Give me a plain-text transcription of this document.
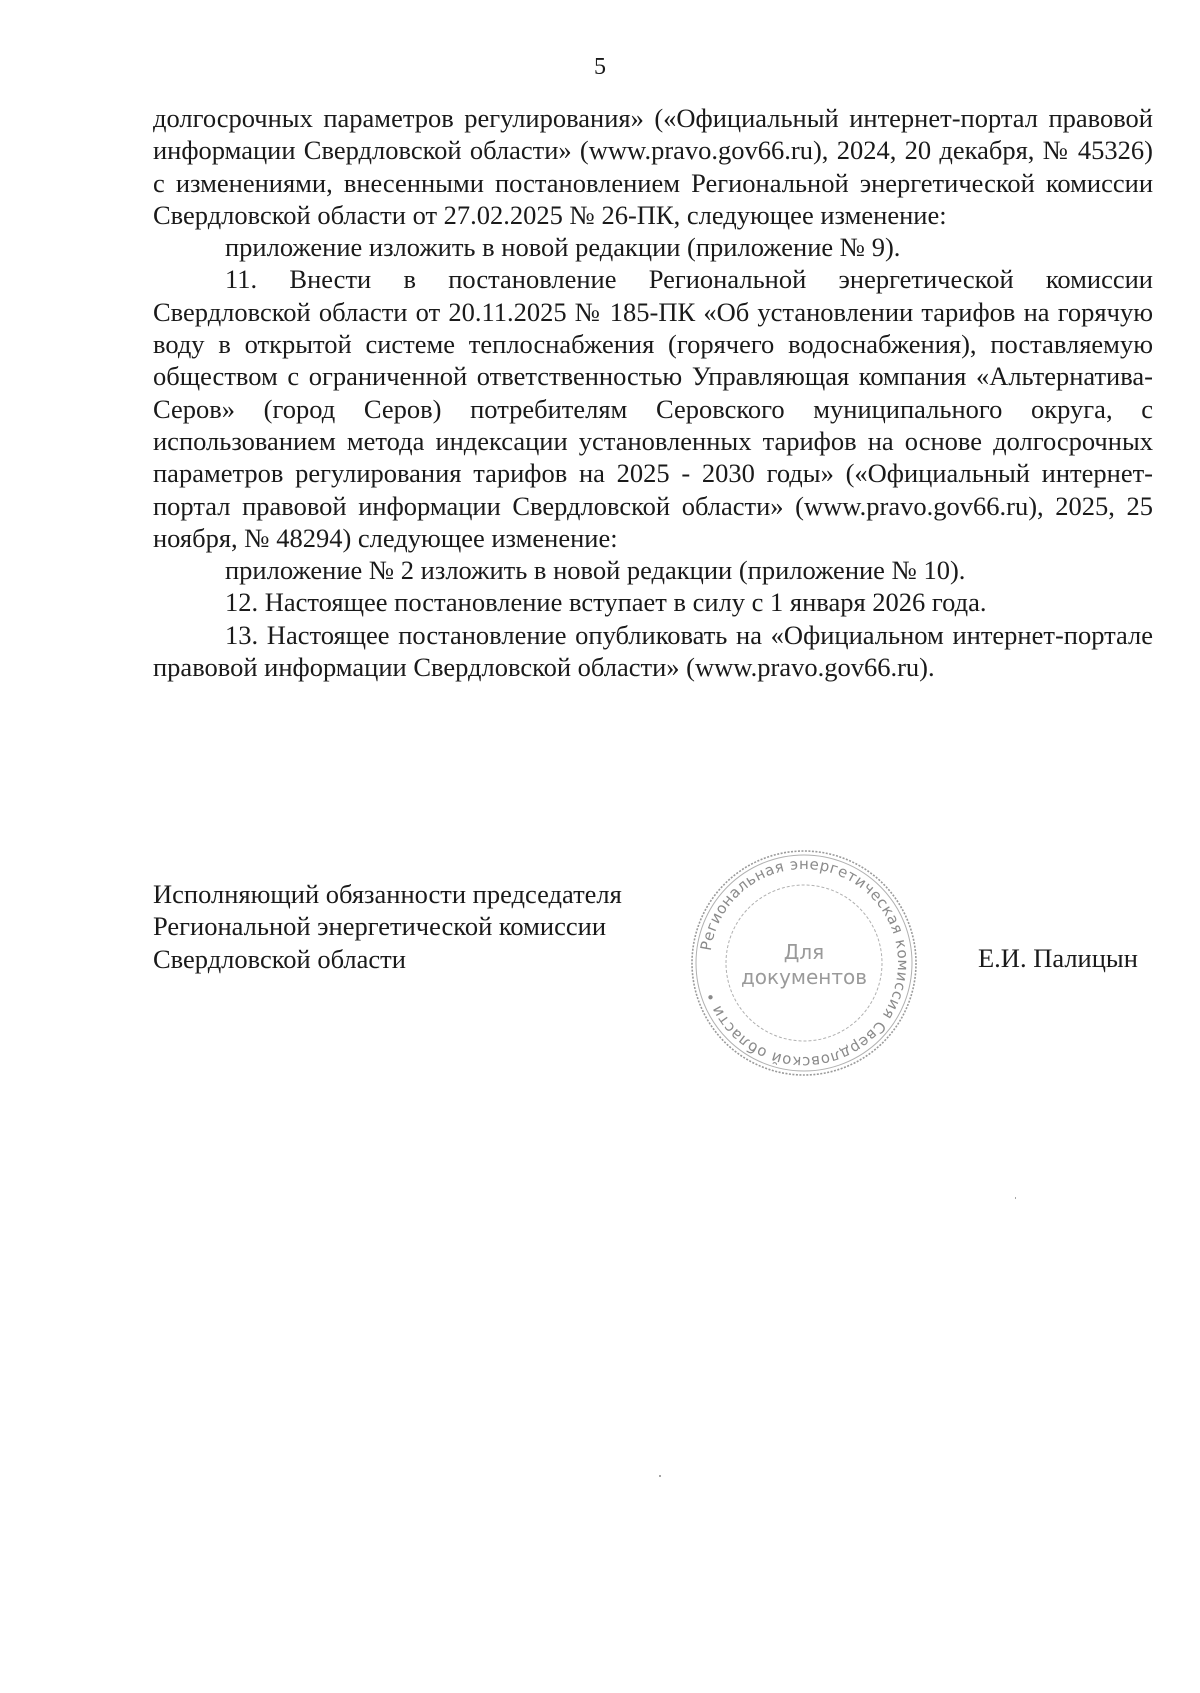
5

долгосрочных параметров регулирования» («Официальный интернет-портал правовой информации Свердловской области» (www.pravo.gov66.ru), 2024, 20 декабря, № 45326) с изменениями, внесенными постановлением Региональной энергетической комиссии Свердловской области от 27.02.2025 № 26-ПК, следующее изменение:

приложение изложить в новой редакции (приложение № 9).

11. Внести в постановление Региональной энергетической комиссии Свердловской области от 20.11.2025 № 185-ПК «Об установлении тарифов на горячую воду в открытой системе теплоснабжения (горячего водоснабжения), поставляемую обществом с ограниченной ответственностью Управляющая компания «Альтернатива-Серов» (город Серов) потребителям Серовского муниципального округа, с использованием метода индексации установленных тарифов на основе долгосрочных параметров регулирования тарифов на 2025 - 2030 годы» («Официальный интернет-портал правовой информации Свердловской области» (www.pravo.gov66.ru), 2025, 25 ноября, № 48294) следующее изменение:

приложение № 2 изложить в новой редакции (приложение № 10).

12. Настоящее постановление вступает в силу с 1 января 2026 года.

13. Настоящее постановление опубликовать на «Официальном интернет-портале правовой информации Свердловской области» (www.pravo.gov66.ru).

Исполняющий обязанности председателя
Региональной энергетической комиссии
Свердловской области	Е.И. Палицын
Региональная энергетическая комиссия Свердловской области •
Для
документов
